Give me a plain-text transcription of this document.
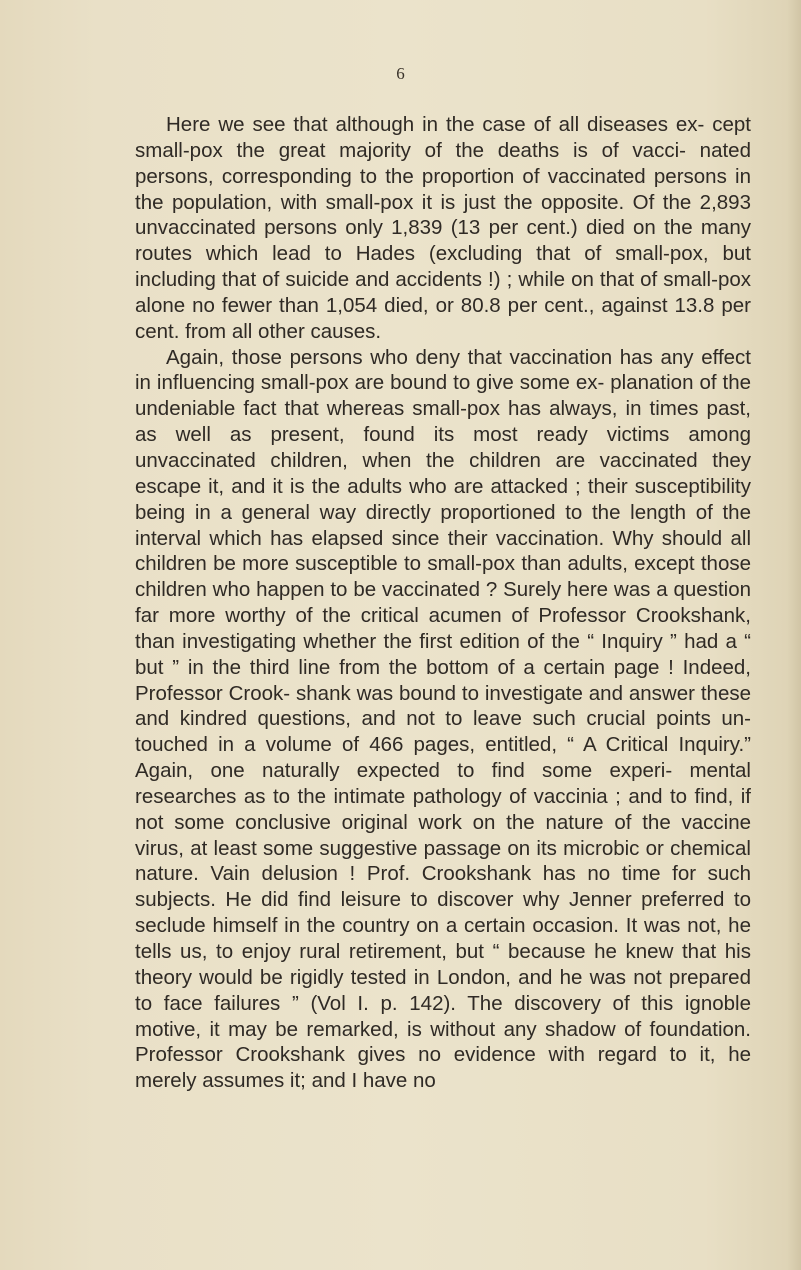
6

Here we see that although in the case of all diseases ex- cept small-pox the great majority of the deaths is of vacci- nated persons, corresponding to the proportion of vaccinated persons in the population, with small-pox it is just the opposite. Of the 2,893 unvaccinated persons only 1,839 (13 per cent.) died on the many routes which lead to Hades (excluding that of small-pox, but including that of suicide and accidents !) ; while on that of small-pox alone no fewer than 1,054 died, or 80.8 per cent., against 13.8 per cent. from all other causes.

Again, those persons who deny that vaccination has any effect in influencing small-pox are bound to give some ex- planation of the undeniable fact that whereas small-pox has always, in times past, as well as present, found its most ready victims among unvaccinated children, when the children are vaccinated they escape it, and it is the adults who are attacked ; their susceptibility being in a general way directly proportioned to the length of the interval which has elapsed since their vaccination. Why should all children be more susceptible to small-pox than adults, except those children who happen to be vaccinated ? Surely here was a question far more worthy of the critical acumen of Professor Crookshank, than investigating whether the first edition of the “ Inquiry ” had a “ but ” in the third line from the bottom of a certain page ! Indeed, Professor Crook- shank was bound to investigate and answer these and kindred questions, and not to leave such crucial points un- touched in a volume of 466 pages, entitled, “ A Critical Inquiry.” Again, one naturally expected to find some experi- mental researches as to the intimate pathology of vaccinia ; and to find, if not some conclusive original work on the nature of the vaccine virus, at least some suggestive passage on its microbic or chemical nature. Vain delusion ! Prof. Crookshank has no time for such subjects. He did find leisure to discover why Jenner preferred to seclude himself in the country on a certain occasion. It was not, he tells us, to enjoy rural retirement, but “ because he knew that his theory would be rigidly tested in London, and he was not prepared to face failures ” (Vol I. p. 142). The discovery of this ignoble motive, it may be remarked, is without any shadow of foundation. Professor Crookshank gives no evidence with regard to it, he merely assumes it; and I have no
